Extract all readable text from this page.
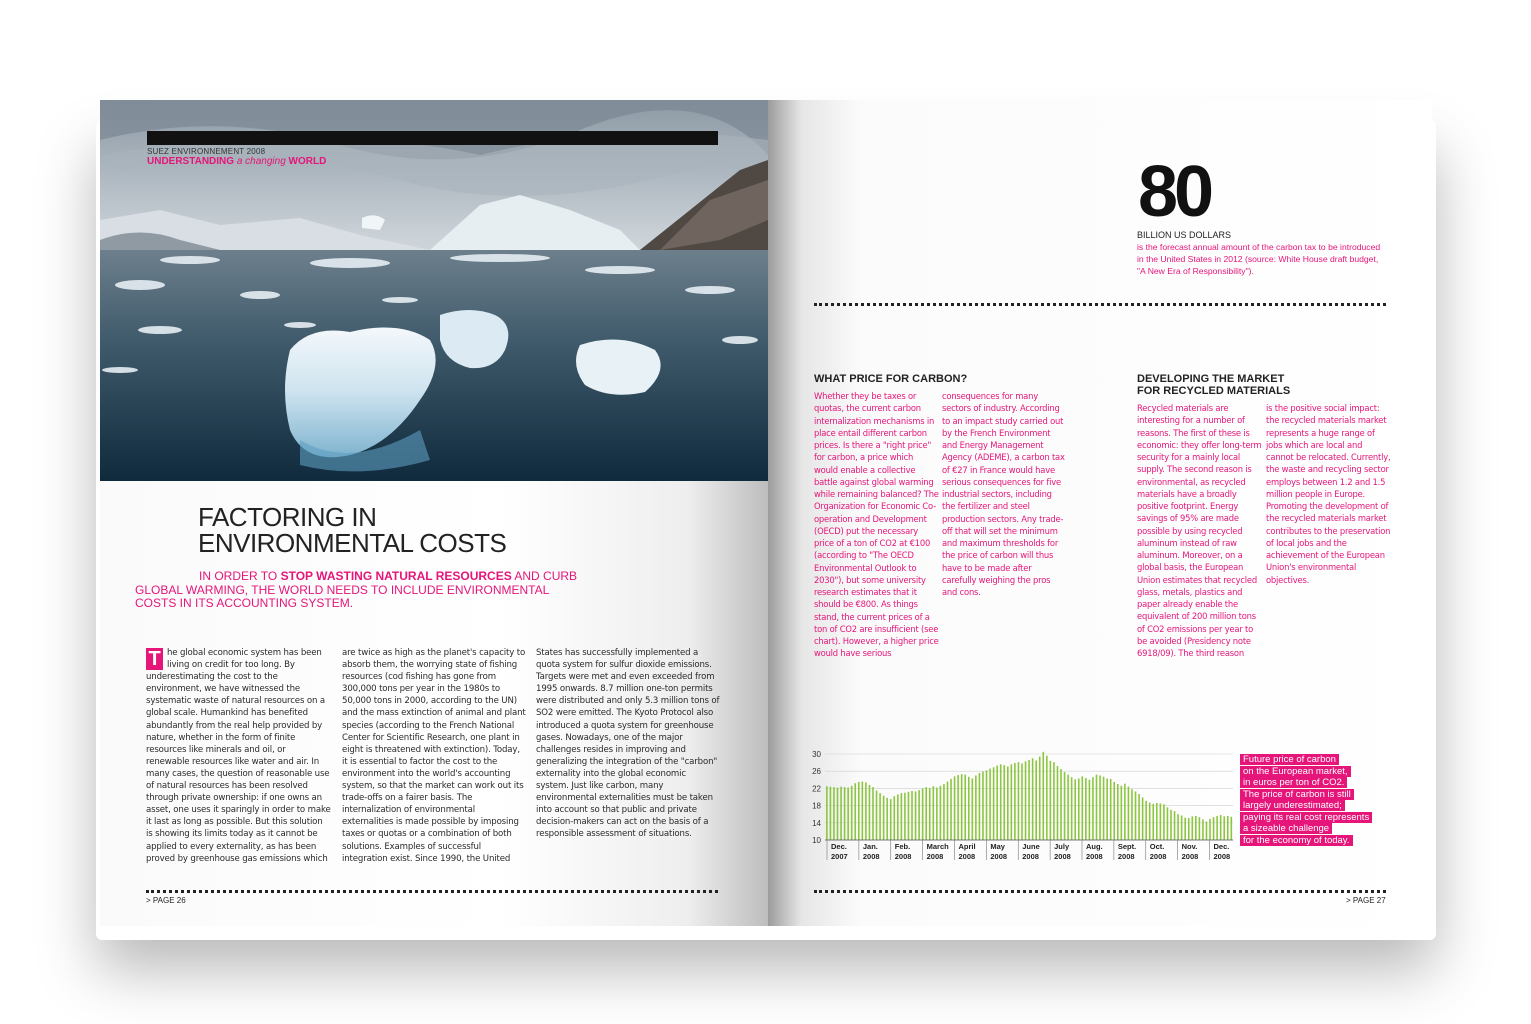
SUEZ ENVIRONNEMENT 2008
UNDERSTANDING a changing WORLD
FACTORING IN
ENVIRONMENTAL COSTS
IN ORDER TO STOP WASTING NATURAL RESOURCES AND CURB GLOBAL WARMING, THE WORLD NEEDS TO INCLUDE ENVIRONMENTAL COSTS IN ITS ACCOUNTING SYSTEM.
T he global economic system has been living on credit for too long. By underestimating the cost to the environment, we have witnessed the systematic waste of natural resources on a global scale. Humankind has benefited abundantly from the real help provided by nature, whether in the form of finite resources like minerals and oil, or renewable resources like water and air. In many cases, the question of reasonable use of natural resources has been resolved through private ownership: if one owns an asset, one uses it sparingly in order to make it last as long as possible. But this solution is showing its limits today as it cannot be applied to every externality, as has been proved by greenhouse gas emissions which
are twice as high as the planet's capacity to absorb them, the worrying state of fishing resources (cod fishing has gone from 300,000 tons per year in the 1980s to 50,000 tons in 2000, according to the UN) and the mass extinction of animal and plant species (according to the French National Center for Scientific Research, one plant in eight is threatened with extinction). Today, it is essential to factor the cost to the environment into the world's accounting system, so that the market can work out its trade-offs on a fairer basis. The internalization of environmental externalities is made possible by imposing taxes or quotas or a combination of both solutions. Examples of successful integration exist. Since 1990, the United
States has successfully implemented a quota system for sulfur dioxide emissions. Targets were met and even exceeded from 1995 onwards. 8.7 million one-ton permits were distributed and only 5.3 million tons of SO2 were emitted. The Kyoto Protocol also introduced a quota system for greenhouse gases. Nowadays, one of the major challenges resides in improving and generalizing the integration of the "carbon" externality into the global economic system. Just like carbon, many environmental externalities must be taken into account so that public and private decision-makers can act on the basis of a responsible assessment of situations.
> PAGE 26
80
BILLION US DOLLARS
is the forecast annual amount of the carbon tax to be introduced in the United States in 2012 (source: White House draft budget, "A New Era of Responsibility").
WHAT PRICE FOR CARBON?
Whether they be taxes or quotas, the current carbon internalization mechanisms in place entail different carbon prices. Is there a "right price" for carbon, a price which would enable a collective battle against global warming while remaining balanced? The Organization for Economic Co-operation and Development (OECD) put the necessary price of a ton of CO2 at €100 (according to "The OECD Environmental Outlook to 2030"), but some university research estimates that it should be €800. As things stand, the current prices of a ton of CO2 are insufficient (see chart). However, a higher price would have serious
consequences for many sectors of industry. According to an impact study carried out by the French Environment and Energy Management Agency (ADEME), a carbon tax of €27 in France would have serious consequences for five industrial sectors, including the fertilizer and steel production sectors. Any trade-off that will set the minimum and maximum thresholds for the price of carbon will thus have to be made after carefully weighing the pros and cons.
DEVELOPING THE MARKET
FOR RECYCLED MATERIALS
Recycled materials are interesting for a number of reasons. The first of these is economic: they offer long-term security for a mainly local supply. The second reason is environmental, as recycled materials have a broadly positive footprint. Energy savings of 95% are made possible by using recycled aluminum instead of raw aluminum. Moreover, on a global basis, the European Union estimates that recycled glass, metals, plastics and paper already enable the equivalent of 200 million tons of CO2 emissions per year to be avoided (Presidency note 6918/09). The third reason
is the positive social impact: the recycled materials market represents a huge range of jobs which are local and cannot be relocated. Currently, the waste and recycling sector employs between 1.2 and 1.5 million people in Europe. Promoting the development of the recycled materials market contributes to the preservation of local jobs and the achievement of the European Union's environmental objectives.
10
14
18
22
26
30
Dec.
2007
Jan.
2008
Feb.
2008
March
2008
April
2008
May
2008
June
2008
July
2008
Aug.
2008
Sept.
2008
Oct.
2008
Nov.
2008
Dec.
2008
Future price of carbon
on the European market,
in euros per ton of CO2.
The price of carbon is still
largely underestimated;
paying its real cost represents
a sizeable challenge
for the economy of today.
> PAGE 27
